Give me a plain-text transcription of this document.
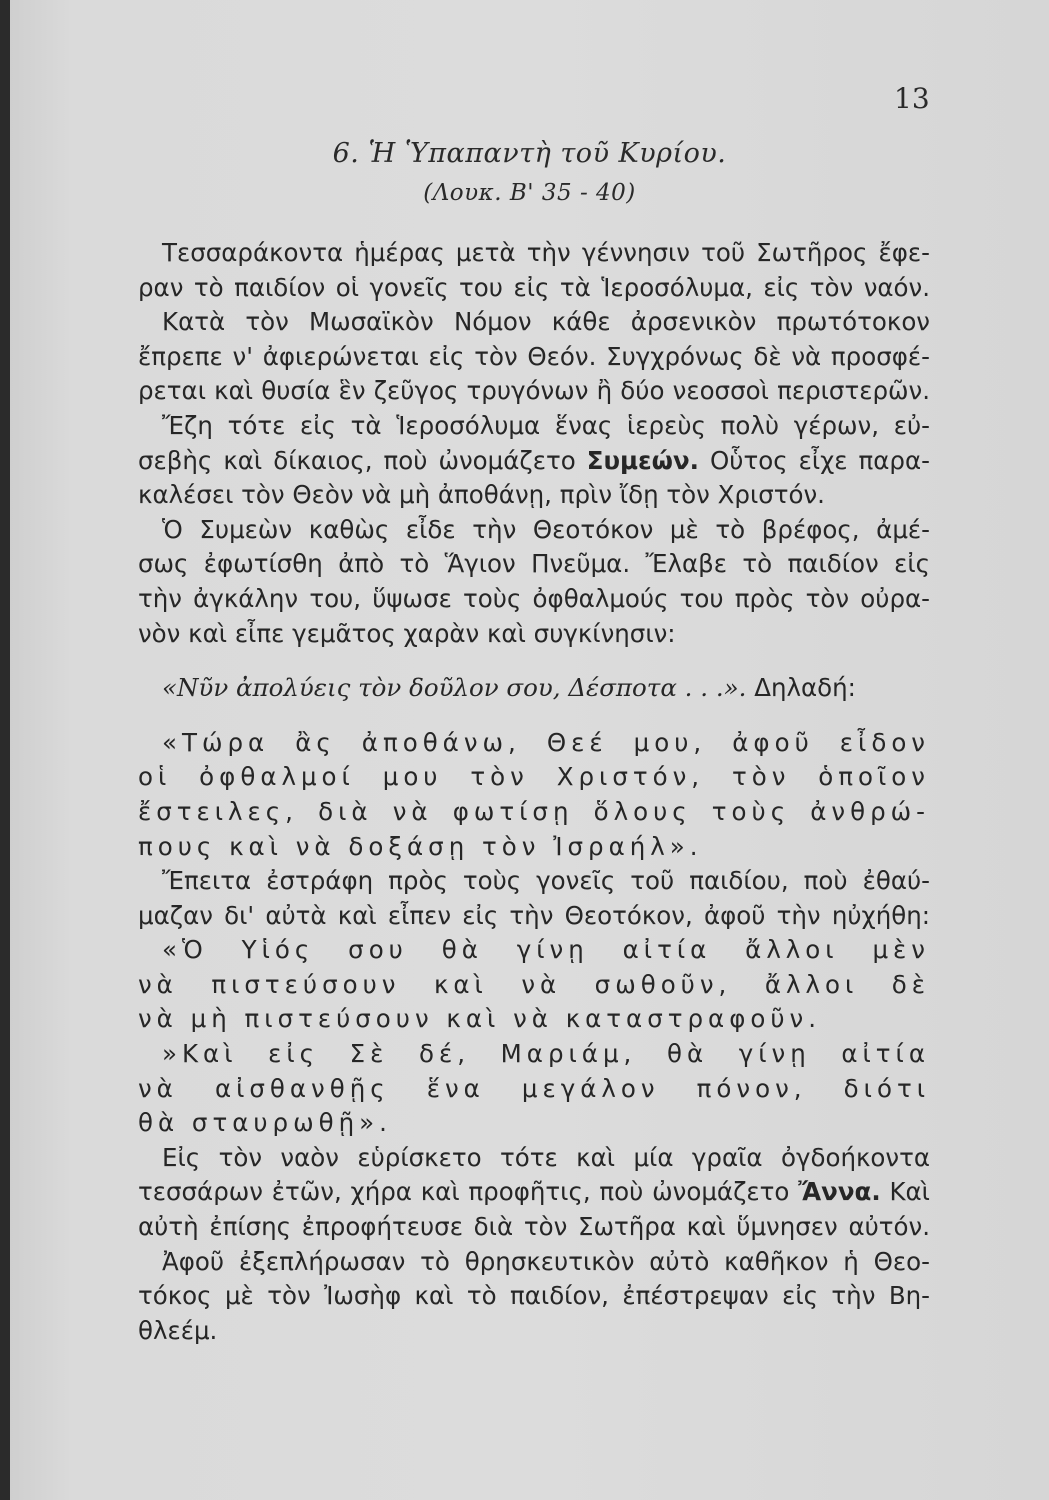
13
6. Ἡ Ὑπαπαντὴ τοῦ Κυρίου.
(Λουκ. Β' 35 - 40)
Τεσσαράκοντα ἡμέρας μετὰ τὴν γέννησιν τοῦ Σωτῆρος ἔφε-
ραν τὸ παιδίον οἱ γονεῖς του εἰς τὰ Ἱεροσόλυμα, εἰς τὸν ναόν.
Κατὰ τὸν Μωσαϊκὸν Νόμον κάθε ἀρσενικὸν πρωτότοκον
ἔπρεπε ν' ἀφιερώνεται εἰς τὸν Θεόν. Συγχρόνως δὲ νὰ προσφέ-
ρεται καὶ θυσία ἓν ζεῦγος τρυγόνων ἢ δύο νεοσσοὶ περιστερῶν.
Ἔζη τότε εἰς τὰ Ἱεροσόλυμα ἕνας ἱερεὺς πολὺ γέρων, εὐ-
σεβὴς καὶ δίκαιος, ποὺ ὠνομάζετο Συμεών. Οὗτος εἶχε παρα-
καλέσει τὸν Θεὸν νὰ μὴ ἀποθάνῃ, πρὶν ἴδῃ τὸν Χριστόν.
Ὁ Συμεὼν καθὼς εἶδε τὴν Θεοτόκον μὲ τὸ βρέφος, ἀμέ-
σως ἐφωτίσθη ἀπὸ τὸ Ἅγιον Πνεῦμα. Ἔλαβε τὸ παιδίον εἰς
τὴν ἀγκάλην του, ὕψωσε τοὺς ὀφθαλμούς του πρὸς τὸν οὐρα-
νὸν καὶ εἶπε γεμᾶτος χαρὰν καὶ συγκίνησιν:
«Νῦν ἀπολύεις τὸν δοῦλον σου, Δέσποτα . . .». Δηλαδή:
«Τώρα ἂς ἀποθάνω, Θεέ μου, ἀφοῦ εἶδον
οἱ ὀφθαλμοί μου τὸν Χριστόν, τὸν ὁποῖον
ἔστειλες, διὰ νὰ φωτίσῃ ὅλους τοὺς ἀνθρώ-
πους καὶ νὰ δοξάσῃ τὸν Ἰσραήλ».
Ἔπειτα ἐστράφη πρὸς τοὺς γονεῖς τοῦ παιδίου, ποὺ ἐθαύ-
μαζαν δι' αὐτὰ καὶ εἶπεν εἰς τὴν Θεοτόκον, ἀφοῦ τὴν ηὐχήθη:
«Ὁ Υἱός σου θὰ γίνῃ αἰτία ἄλλοι μὲν
νὰ πιστεύσουν καὶ νὰ σωθοῦν, ἄλλοι δὲ
νὰ μὴ πιστεύσουν καὶ νὰ καταστραφοῦν.
»Καὶ εἰς Σὲ δέ, Μαριάμ, θὰ γίνῃ αἰτία
νὰ αἰσθανθῇς ἕνα μεγάλον πόνον, διότι
θὰ σταυρωθῇ».
Εἰς τὸν ναὸν εὑρίσκετο τότε καὶ μία γραῖα ὀγδοήκοντα
τεσσάρων ἐτῶν, χήρα καὶ προφῆτις, ποὺ ὠνομάζετο Ἄννα. Καὶ
αὐτὴ ἐπίσης ἐπροφήτευσε διὰ τὸν Σωτῆρα καὶ ὕμνησεν αὐτόν.
Ἀφοῦ ἐξεπλήρωσαν τὸ θρησκευτικὸν αὐτὸ καθῆκον ἡ Θεο-
τόκος μὲ τὸν Ἰωσὴφ καὶ τὸ παιδίον, ἐπέστρεψαν εἰς τὴν Βη-
θλεέμ.
